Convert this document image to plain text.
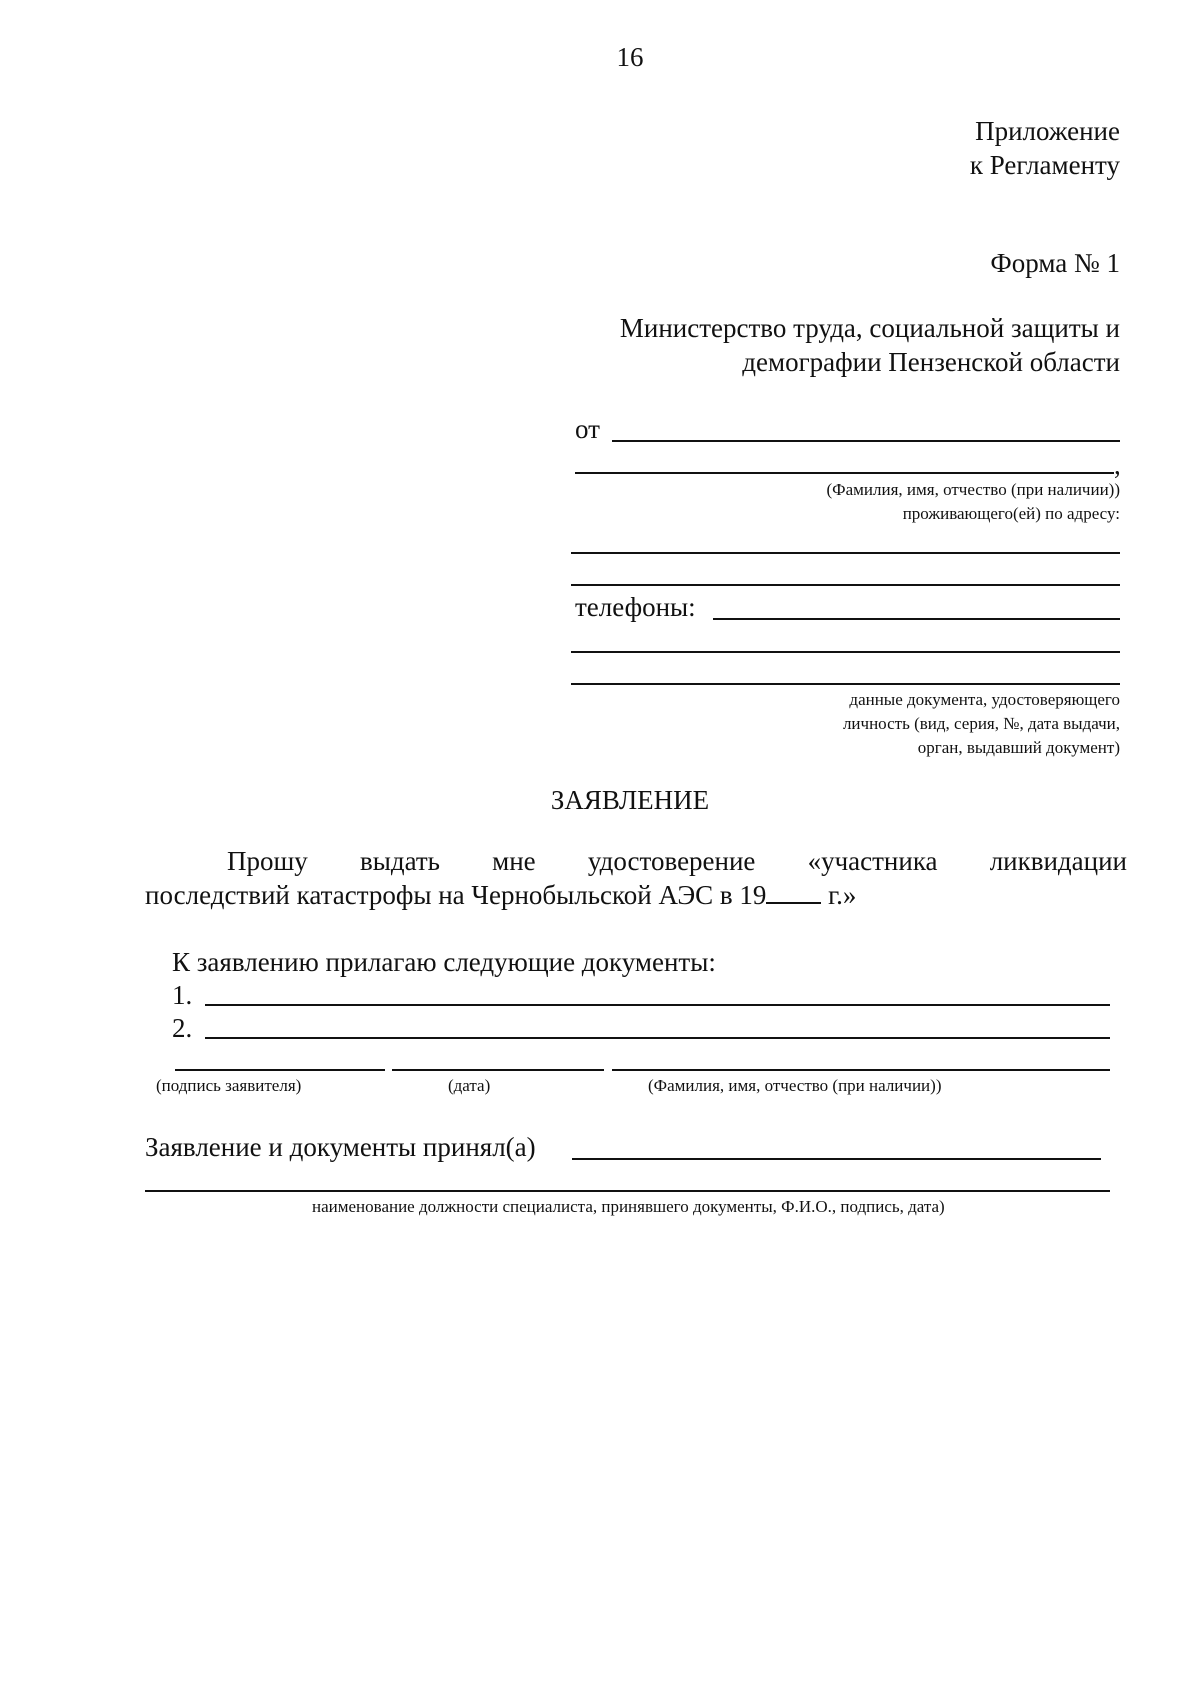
16
Приложение
к Регламенту
Форма № 1
Министерство труда, социальной защиты и
демографии Пензенской области
от
,
(Фамилия, имя, отчество (при наличии))
проживающего(ей) по адресу:
телефоны:
данные документа, удостоверяющего
личность (вид, серия, №, дата выдачи,
орган, выдавший документ)
ЗАЯВЛЕНИЕ
Прошу выдать мне удостоверение «участника ликвидации
последствий катастрофы на Чернобыльской АЭС в 19 г.»
К заявлению прилагаю следующие документы:
1.
2.
(подпись заявителя)	(дата)	(Фамилия, имя, отчество (при наличии))
Заявление и документы принял(а)
наименование должности специалиста, принявшего документы, Ф.И.О., подпись, дата)
